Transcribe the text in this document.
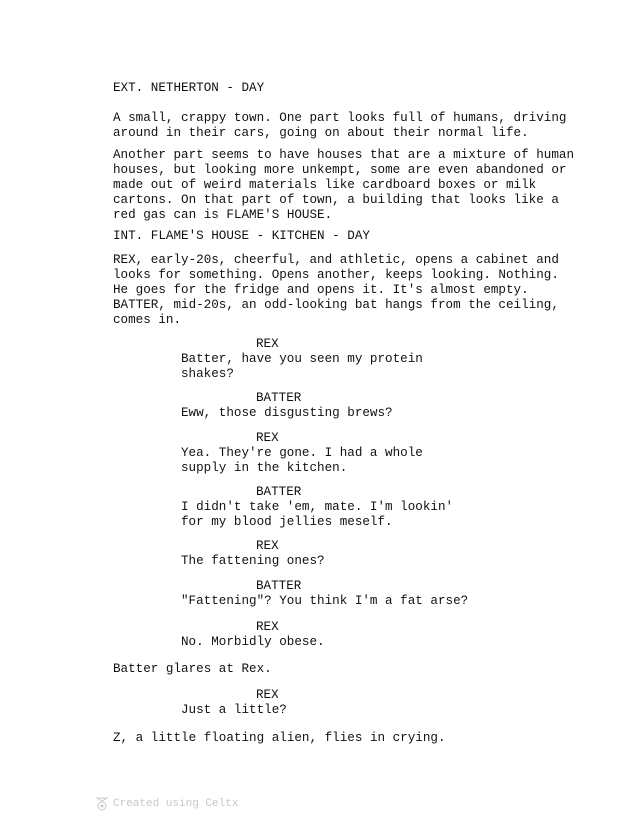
EXT. NETHERTON - DAY
A small, crappy town. One part looks full of humans, driving
around in their cars, going on about their normal life.
Another part seems to have houses that are a mixture of human
houses, but looking more unkempt, some are even abandoned or
made out of weird materials like cardboard boxes or milk
cartons. On that part of town, a building that looks like a
red gas can is FLAME'S HOUSE.
INT. FLAME'S HOUSE - KITCHEN - DAY
REX, early-20s, cheerful, and athletic, opens a cabinet and
looks for something. Opens another, keeps looking. Nothing.
He goes for the fridge and opens it. It's almost empty.
BATTER, mid-20s, an odd-looking bat hangs from the ceiling,
comes in.
REX
Batter, have you seen my protein
shakes?
BATTER
Eww, those disgusting brews?
REX
Yea. They're gone. I had a whole
supply in the kitchen.
BATTER
I didn't take 'em, mate. I'm lookin'
for my blood jellies meself.
REX
The fattening ones?
BATTER
"Fattening"? You think I'm a fat arse?
REX
No. Morbidly obese.
Batter glares at Rex.
REX
Just a little?
Z, a little floating alien, flies in crying.
Created using Celtx
